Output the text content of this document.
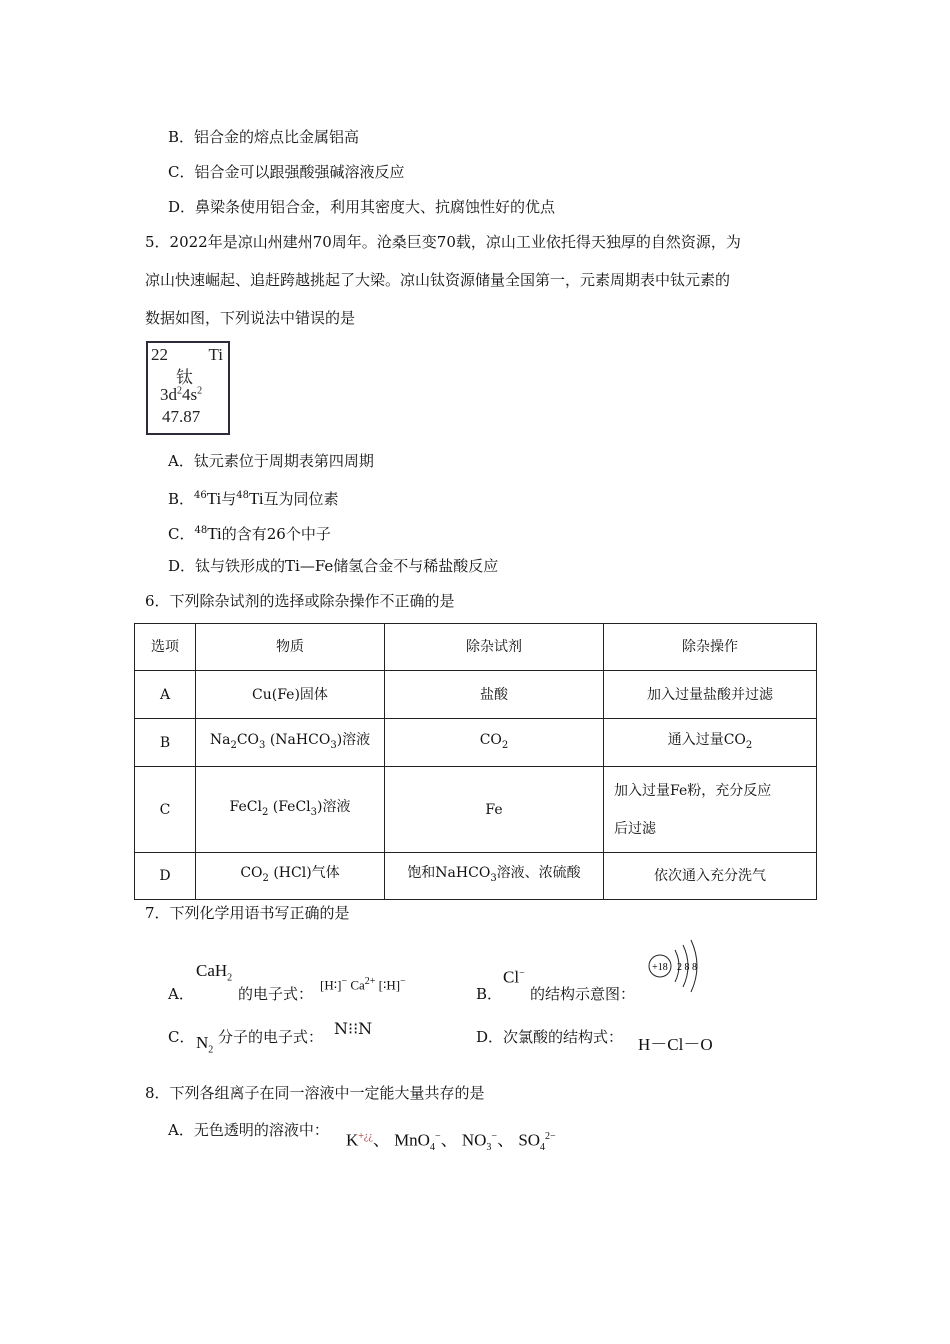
B．铝合金的熔点比金属铝高
C．铝合金可以跟强酸强碱溶液反应
D．鼻梁条使用铝合金，利用其密度大、抗腐蚀性好的优点
5．2022年是凉山州建州70周年。沧桑巨变70载，凉山工业依托得天独厚的自然资源，为
凉山快速崛起、追赶跨越挑起了大梁。凉山钛资源储量全国第一，元素周期表中钛元素的
数据如图，下列说法中错误的是
22 Ti
钛
$3d^24s^2$
47.87
A．钛元素位于周期表第四周期
B．$^{46}$Ti与$^{48}$Ti互为同位素
C．$^{48}$Ti的含有26个中子
D．钛与铁形成的Ti—Fe储氢合金不与稀盐酸反应
6．下列除杂试剂的选择或除杂操作不正确的是
选项	物质	除杂试剂	除杂操作
A	Cu(Fe)固体	盐酸	加入过量盐酸并过滤
B	$Na_2CO_3$ (NaHCO$_3$)溶液	$CO_2$	通入过量$CO_2$
C	FeCl$_2$ (FeCl$_3$)溶液	Fe	加入过量Fe粉，充分反应
后过滤

D	$CO_2$ (HCl)气体	饱和NaHCO$_3$溶液、浓硫酸	依次通入充分洗气
7．下列化学用语书写正确的是
A．
CaH$_2$
的电子式：
[H∶]− $Ca^{2+}$ [∶H]−
B．
Cl−
的结构示意图：
+18 2 8 8
C． $N_2$
分子的电子式： N⁝⁝N	D．次氯酸的结构式： H－Cl－O
8．下列各组离子在同一溶液中一定能大量共存的是
A．无色透明的溶液中：
K+¿¿、 MnO$_4$−、 $NO_3^-$、 $SO_4^{2-}$
